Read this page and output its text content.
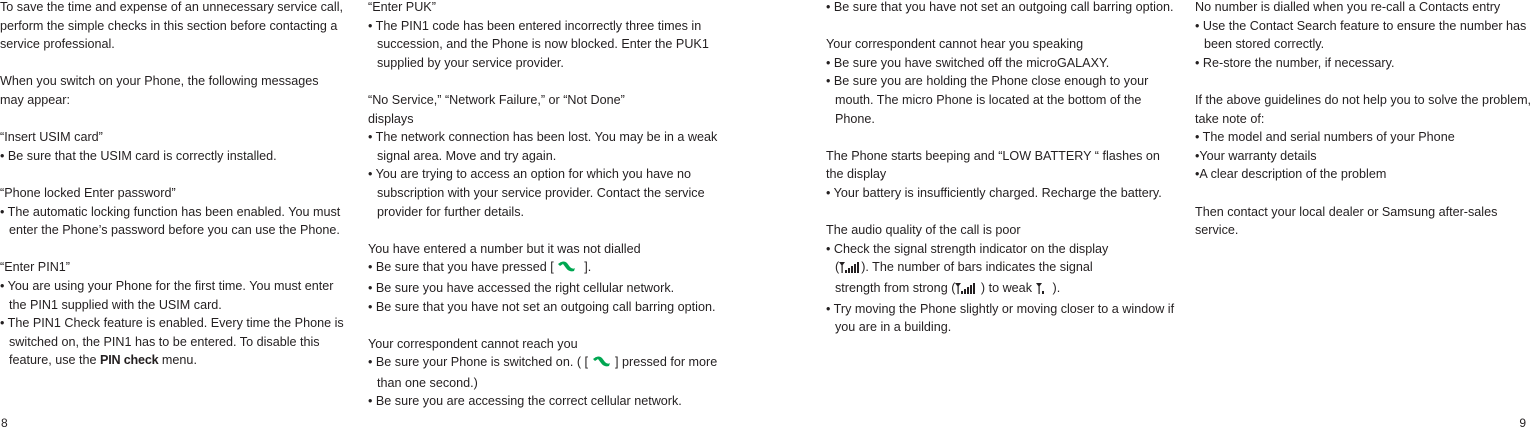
To save the time and expense of an unnecessary service call, perform the simple checks in this section before contacting a service professional.

When you switch on your Phone, the following messages may appear:

“Insert USIM card”

• Be sure that the USIM card is correctly installed.

“Phone locked Enter password”

• The automatic locking function has been enabled. You must enter the Phone’s password before you can use the Phone.

“Enter PIN1”

• You are using your Phone for the first time. You must enter the PIN1 supplied with the USIM card.

• The PIN1 Check feature is enabled. Every time the Phone is switched on, the PIN1 has to be entered. To disable this feature, use the PIN check menu.

“Enter PUK”

• The PIN1 code has been entered incorrectly three times in succession, and the Phone is now blocked. Enter the PUK1 supplied by your service provider.

“No Service,” “Network Failure,” or “Not Done”

displays

• The network connection has been lost. You may be in a weak signal area. Move and try again.

• You are trying to access an option for which you have no subscription with your service provider. Contact the service provider for further details.

You have entered a number but it was not dialled

• Be sure that you have pressed [ ].

• Be sure you have accessed the right cellular network.

• Be sure that you have not set an outgoing call barring option.

Your correspondent cannot reach you

• Be sure your Phone is switched on. ( [ ] pressed for more than one second.)

• Be sure you are accessing the correct cellular network.

• Be sure that you have not set an outgoing call barring option.

Your correspondent cannot hear you speaking

• Be sure you have switched off the microGALAXY.

• Be sure you are holding the Phone close enough to your mouth. The micro Phone is located at the bottom of the Phone.

The Phone starts beeping and “LOW BATTERY “ flashes on the display

• Your battery is insufficiently charged. Recharge the battery.

The audio quality of the call is poor

• Check the signal strength indicator on the display

( ). The number of bars indicates the signal

strength from strong ( ) to weak   ).

• Try moving the Phone slightly or moving closer to a window if you are in a building.

No number is dialled when you re-call a Contacts entry

• Use the Contact Search feature to ensure the number has been stored correctly.

• Re-store the number, if necessary.

If the above guidelines do not help you to solve the problem, take note of:

• The model and serial numbers of your Phone

•Your warranty details

•A clear description of the problem

Then contact your local dealer or Samsung after-sales service.

8	9
